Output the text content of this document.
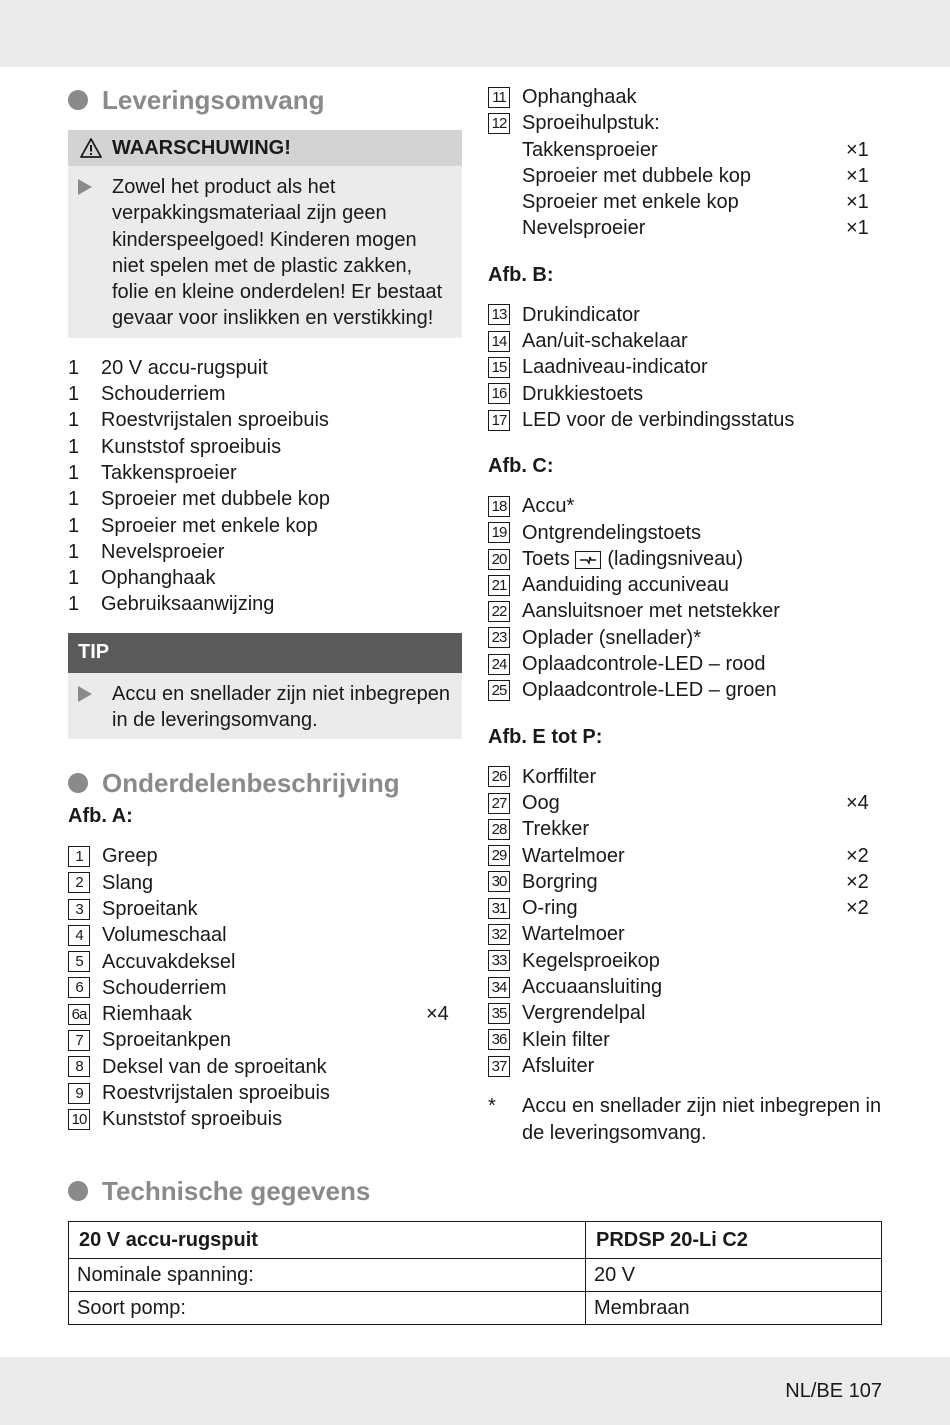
Leveringsomvang
WAARSCHUWING!
Zowel het product als het verpakkingsmateriaal zijn geen kinderspeelgoed! Kinderen mogen niet spelen met de plastic zakken, folie en kleine onderdelen! Er bestaat gevaar voor inslikken en verstikking!
1	20 V accu-rugspuit
1	Schouderriem
1	Roestvrijstalen sproeibuis
1	Kunststof sproeibuis
1	Takkensproeier
1	Sproeier met dubbele kop
1	Sproeier met enkele kop
1	Nevelsproeier
1	Ophanghaak
1	Gebruiksaanwijzing
TIP
Accu en snellader zijn niet inbegrepen in de leveringsomvang.
Onderdelenbeschrijving
Afb. A:
1 Greep
2 Slang
3 Sproeitank
4 Volumeschaal
5 Accuvakdeksel
6 Schouderriem
6a Riemhaak	×4
7 Sproeitankpen
8 Deksel van de sproeitank
9 Roestvrijstalen sproeibuis
10 Kunststof sproeibuis
11 Ophanghaak
12 Sproeihulpstuk:
Takkensproeier	×1
Sproeier met dubbele kop	×1
Sproeier met enkele kop	×1
Nevelsproeier	×1
Afb. B:
13 Drukindicator
14 Aan/uit-schakelaar
15 Laadniveau-indicator
16 Drukkiestoets
17 LED voor de verbindingsstatus
Afb. C:
18 Accu*
19 Ontgrendelingstoets
20 Toets (ladingsniveau)
21 Aanduiding accuniveau
22 Aansluitsnoer met netstekker
23 Oplader (snellader)*
24 Oplaadcontrole-LED – rood
25 Oplaadcontrole-LED – groen
Afb. E tot P:
26 Korffilter
27 Oog	×4
28 Trekker
29 Wartelmoer	×2
30 Borgring	×2
31 O-ring	×2
32 Wartelmoer
33 Kegelsproeikop
34 Accuaansluiting
35 Vergrendelpal
36 Klein filter
37 Afsluiter
*	Accu en snellader zijn niet inbegrepen in de leveringsomvang.
Technische gegevens
20 V accu-rugspuit	PRDSP 20-Li C2
Nominale spanning:	20 V
Soort pomp:	Membraan
NL/BE 107
